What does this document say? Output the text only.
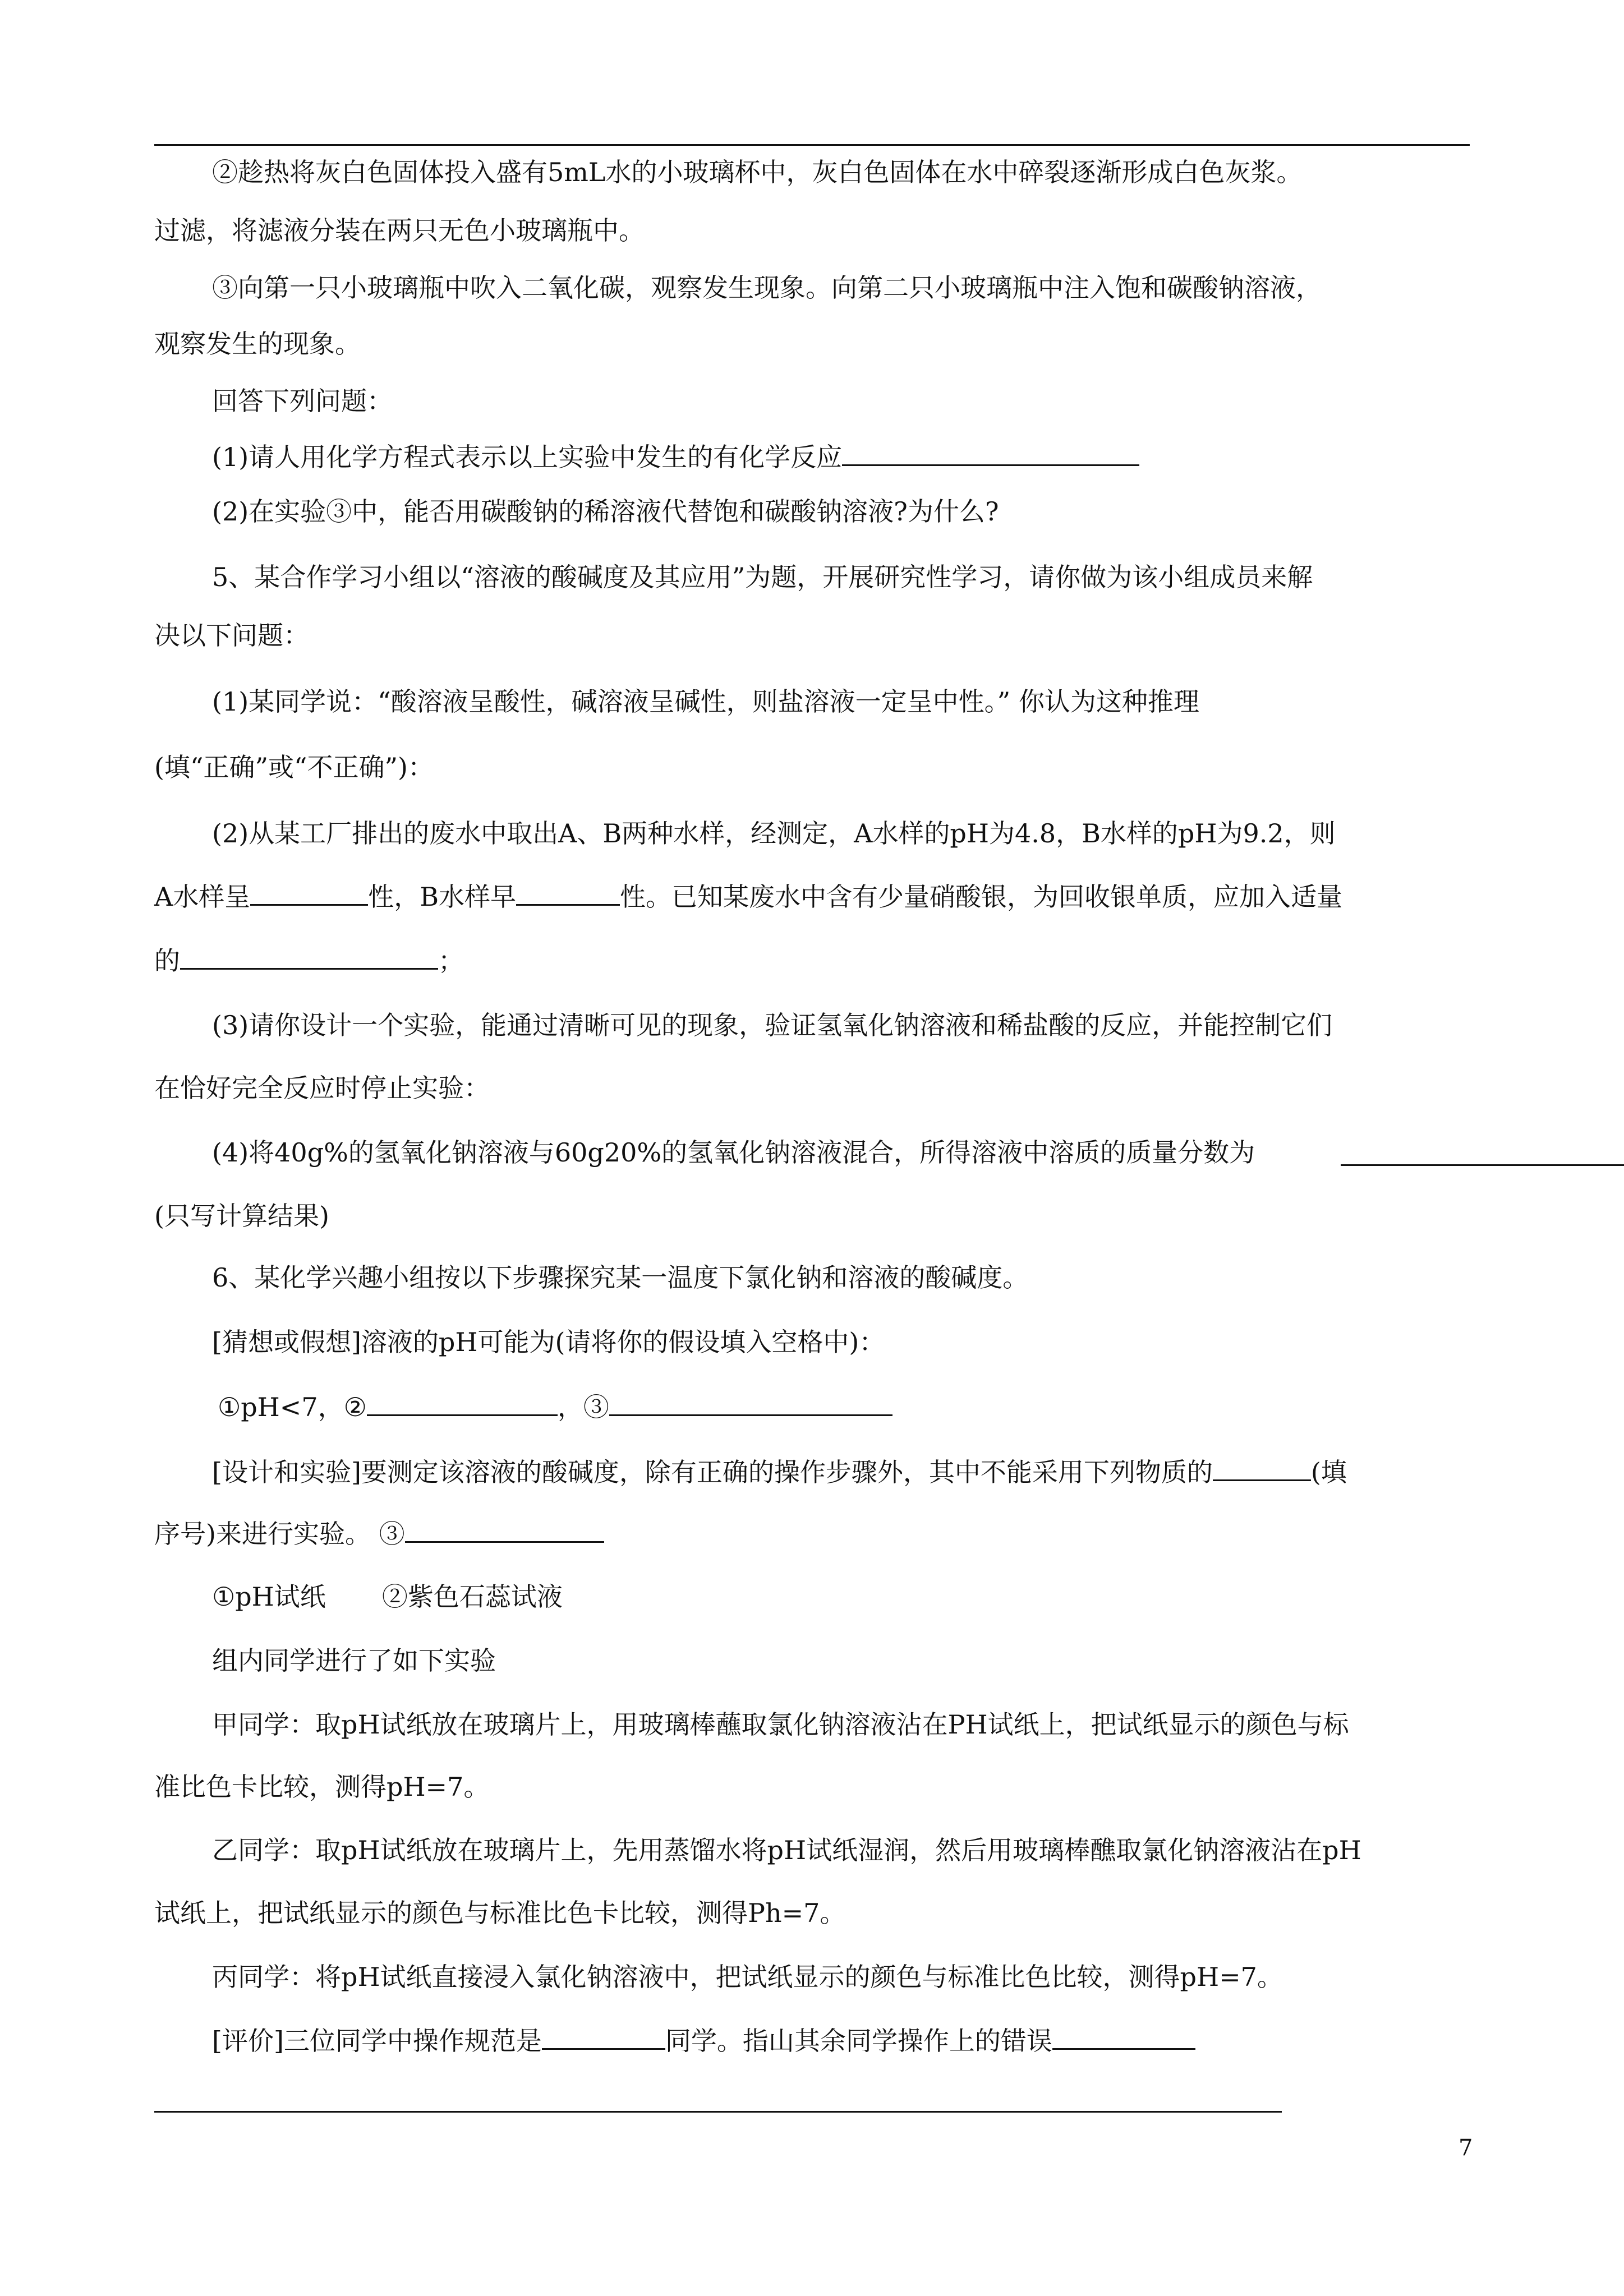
②趁热将灰白色固体投入盛有5mL水的小玻璃杯中，灰白色固体在水中碎裂逐渐形成白色灰浆。
过滤，将滤液分装在两只无色小玻璃瓶中。
③向第一只小玻璃瓶中吹入二氧化碳，观察发生现象。向第二只小玻璃瓶中注入饱和碳酸钠溶液，
观察发生的现象。
回答下列问题：
(1)请人用化学方程式表示以上实验中发生的有化学反应
(2)在实验③中，能否用碳酸钠的稀溶液代替饱和碳酸钠溶液?为什么?
5、某合作学习小组以“溶液的酸碱度及其应用”为题，开展研究性学习，请你做为该小组成员来解
决以下问题：
(1)某同学说：“酸溶液呈酸性，碱溶液呈碱性，则盐溶液一定呈中性。” 你认为这种推理
(填“正确”或“不正确”)：
(2)从某工厂排出的废水中取出A、B两种水样，经测定，A水样的pH为4.8，B水样的pH为9.2，则
A水样呈	性，B水样早	性。已知某废水中含有少量硝酸银，为回收银单质，应加入适量
的	；
(3)请你设计一个实验，能通过清晰可见的现象，验证氢氧化钠溶液和稀盐酸的反应，并能控制它们
在恰好完全反应时停止实验：
(4)将40g%的氢氧化钠溶液与60g20%的氢氧化钠溶液混合，所得溶液中溶质的质量分数为
(只写计算结果)
6、某化学兴趣小组按以下步骤探究某一温度下氯化钠和溶液的酸碱度。
[猜想或假想]溶液的pH可能为(请将你的假设填入空格中)：
①pH<7，②	，③
[设计和实验]要测定该溶液的酸碱度，除有正确的操作步骤外，其中不能采用下列物质的	(填
序号)来进行实验。 ③
①pH试纸 ②紫色石蕊试液
组内同学进行了如下实验
甲同学：取pH试纸放在玻璃片上，用玻璃棒蘸取氯化钠溶液沾在PH试纸上，把试纸显示的颜色与标
准比色卡比较，测得pH=7。
乙同学：取pH试纸放在玻璃片上，先用蒸馏水将pH试纸湿润，然后用玻璃棒醮取氯化钠溶液沾在pH
试纸上，把试纸显示的颜色与标准比色卡比较，测得Ph=7。
丙同学：将pH试纸直接浸入氯化钠溶液中，把试纸显示的颜色与标准比色比较，测得pH=7。
[评价]三位同学中操作规范是	同学。指山其余同学操作上的错误
7
